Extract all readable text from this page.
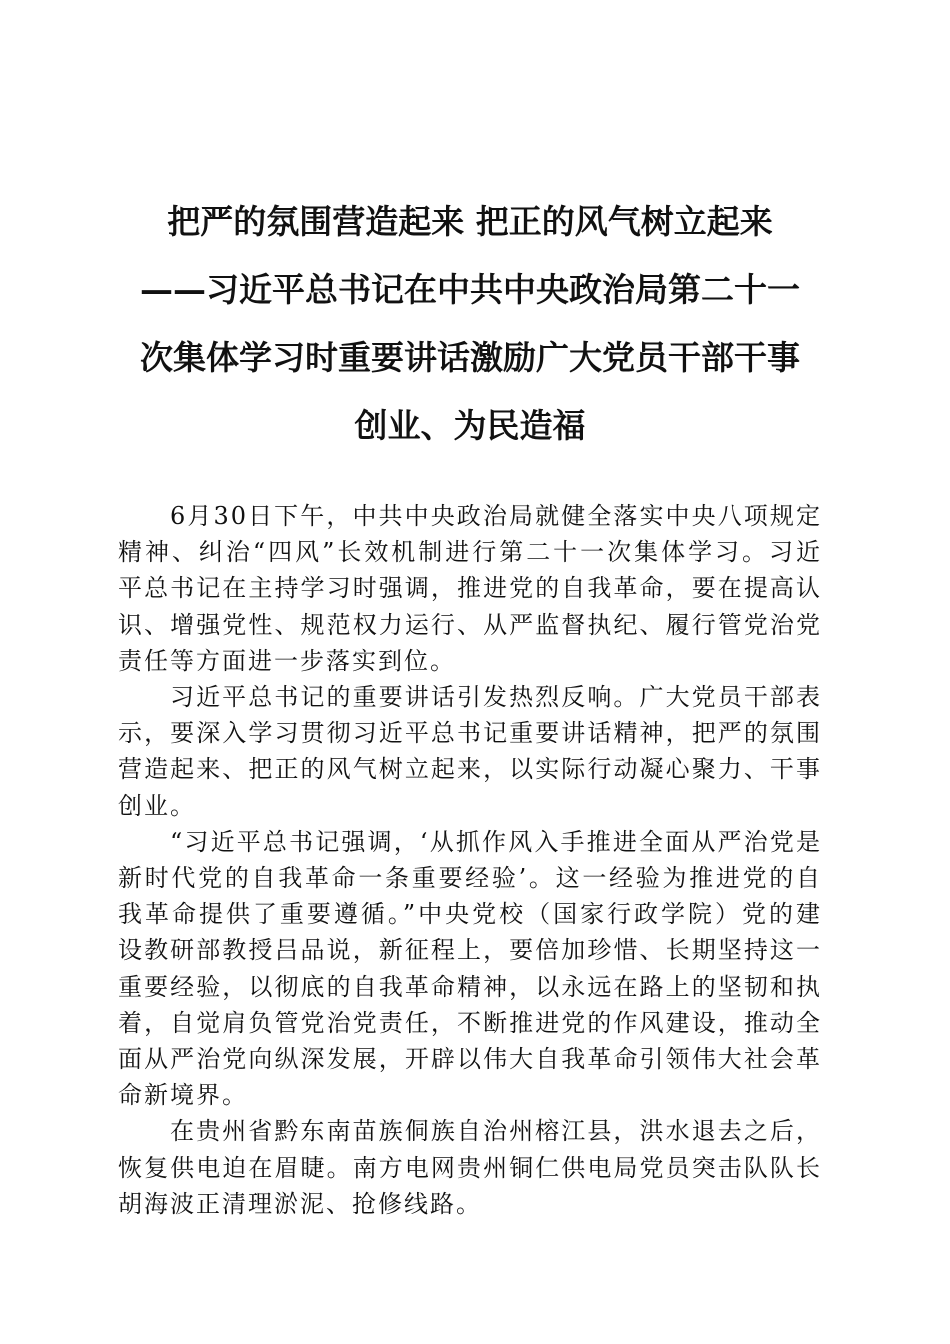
把严的氛围营造起来 把正的风气树立起来
——习近平总书记在中共中央政治局第二十一
次集体学习时重要讲话激励广大党员干部干事
创业、为民造福

6月30日下午，中共中央政治局就健全落实中央八项规定精神、纠治“四风”长效机制进行第二十一次集体学习。习近平总书记在主持学习时强调，推进党的自我革命，要在提高认识、增强党性、规范权力运行、从严监督执纪、履行管党治党责任等方面进一步落实到位。

习近平总书记的重要讲话引发热烈反响。广大党员干部表示，要深入学习贯彻习近平总书记重要讲话精神，把严的氛围营造起来、把正的风气树立起来，以实际行动凝心聚力、干事创业。

“习近平总书记强调，‘从抓作风入手推进全面从严治党是新时代党的自我革命一条重要经验’。这一经验为推进党的自我革命提供了重要遵循。”中央党校（国家行政学院）党的建设教研部教授吕品说，新征程上，要倍加珍惜、长期坚持这一重要经验，以彻底的自我革命精神，以永远在路上的坚韧和执着，自觉肩负管党治党责任，不断推进党的作风建设，推动全面从严治党向纵深发展，开辟以伟大自我革命引领伟大社会革命新境界。

在贵州省黔东南苗族侗族自治州榕江县，洪水退去之后，恢复供电迫在眉睫。南方电网贵州铜仁供电局党员突击队队长胡海波正清理淤泥、抢修线路。
